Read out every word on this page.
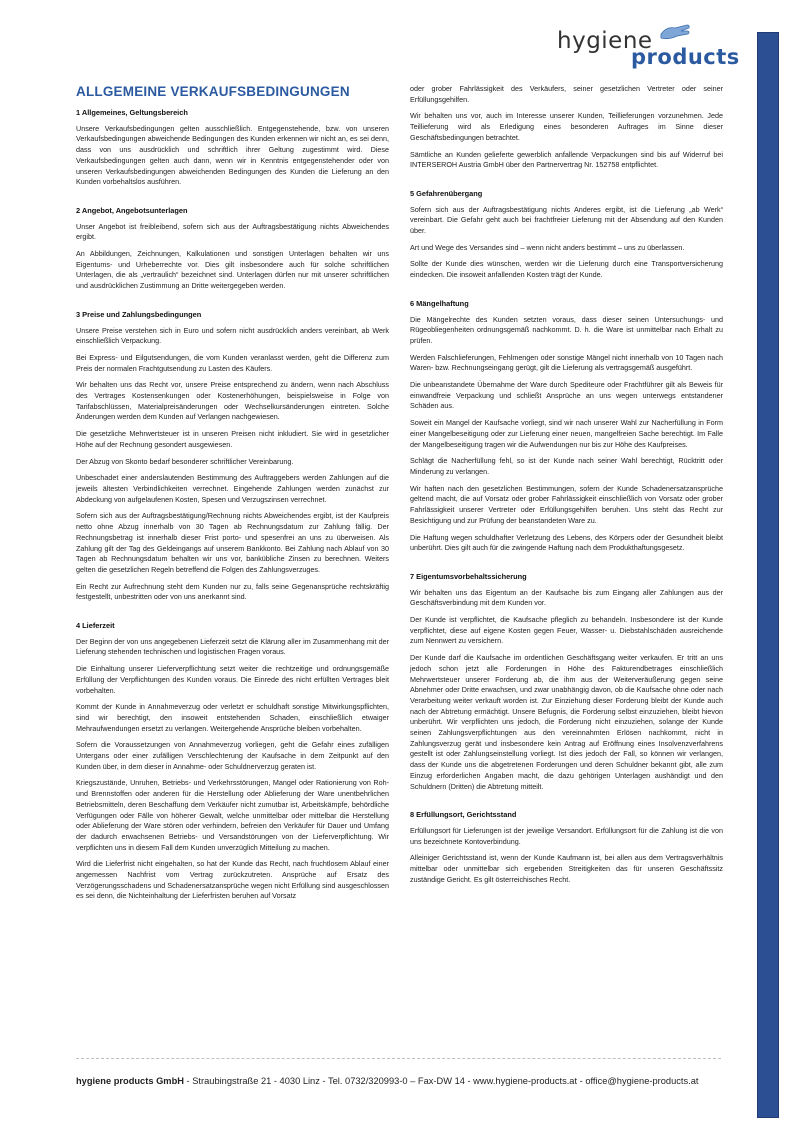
hygiene
products
ALLGEMEINE VERKAUFSBEDINGUNGEN
1 Allgemeines, Geltungsbereich

Unsere Verkaufsbedingungen gelten ausschließlich. Entgegenstehende, bzw. von unseren Verkaufsbedingungen abweichende Bedingungen des Kunden erkennen wir nicht an, es sei denn, dass von uns ausdrücklich und schriftlich ihrer Geltung zugestimmt wird. Diese Verkaufsbedingungen gelten auch dann, wenn wir in Kenntnis entgegenstehender oder von unseren Verkaufsbedingungen abweichenden Bedingungen des Kunden die Lieferung an den Kunden vorbehaltslos ausführen.

2 Angebot, Angebotsunterlagen

Unser Angebot ist freibleibend, sofern sich aus der Auftragsbestätigung nichts Abweichendes ergibt.

An Abbildungen, Zeichnungen, Kalkulationen und sonstigen Unterlagen behalten wir uns Eigentums- und Urheberrechte vor. Dies gilt insbesondere auch für solche schriftlichen Unterlagen, die als „vertraulich“ bezeichnet sind. Unterlagen dürfen nur mit unserer schriftlichen und ausdrücklichen Zustimmung an Dritte weitergegeben werden.

3 Preise und Zahlungsbedingungen

Unsere Preise verstehen sich in Euro und sofern nicht ausdrücklich anders vereinbart, ab Werk einschließlich Verpackung.

Bei Express- und Eilgutsendungen, die vom Kunden veranlasst werden, geht die Differenz zum Preis der normalen Frachtgutsendung zu Lasten des Käufers.

Wir behalten uns das Recht vor, unsere Preise entsprechend zu ändern, wenn nach Abschluss des Vertrages Kostensenkungen oder Kostenerhöhungen, beispielsweise in Folge von Tarifabschlüssen, Materialpreisänderungen oder Wechselkursänderungen eintreten. Solche Änderungen werden dem Kunden auf Verlangen nachgewiesen.

Die gesetzliche Mehrwertsteuer ist in unseren Preisen nicht inkludiert. Sie wird in gesetzlicher Höhe auf der Rechnung gesondert ausgewiesen.

Der Abzug von Skonto bedarf besonderer schriftlicher Vereinbarung.

Unbeschadet einer anderslautenden Bestimmung des Auftraggebers werden Zahlungen auf die jeweils ältesten Verbindlichkeiten verrechnet. Eingehende Zahlungen werden zunächst zur Abdeckung von aufgelaufenen Kosten, Spesen und Verzugszinsen verrechnet.

Sofern sich aus der Auftragsbestätigung/Rechnung nichts Abweichendes ergibt, ist der Kaufpreis netto ohne Abzug innerhalb von 30 Tagen ab Rechnungsdatum zur Zahlung fällig. Der Rechnungsbetrag ist innerhalb dieser Frist porto- und spesenfrei an uns zu überweisen. Als Zahlung gilt der Tag des Geldeingangs auf unserem Bankkonto. Bei Zahlung nach Ablauf von 30 Tagen ab Rechnungsdatum behalten wir uns vor, bankübliche Zinsen zu berechnen. Weiters gelten die gesetzlichen Regeln betreffend die Folgen des Zahlungsverzuges.

Ein Recht zur Aufrechnung steht dem Kunden nur zu, falls seine Gegenansprüche rechtskräftig festgestellt, unbestritten oder von uns anerkannt sind.

4 Lieferzeit

Der Beginn der von uns angegebenen Lieferzeit setzt die Klärung aller im Zusammenhang mit der Lieferung stehenden technischen und logistischen Fragen voraus.

Die Einhaltung unserer Lieferverpflichtung setzt weiter die rechtzeitige und ordnungsgemäße Erfüllung der Verpflichtungen des Kunden voraus. Die Einrede des nicht erfüllten Vertrages bleit vorbehalten.

Kommt der Kunde in Annahmeverzug oder verletzt er schuldhaft sonstige Mitwirkungspflichten, sind wir berechtigt, den insoweit entstehenden Schaden, einschließlich etwaiger Mehraufwendungen ersetzt zu verlangen. Weitergehende Ansprüche bleiben vorbehalten.

Sofern die Voraussetzungen von Annahmeverzug vorliegen, geht die Gefahr eines zufälligen Untergans oder einer zufälligen Verschlechterung der Kaufsache in dem Zeitpunkt auf den Kunden über, in dem dieser in Annahme- oder Schuldnerverzug geraten ist.

Kriegszustände, Unruhen, Betriebs- und Verkehrsstörungen, Mangel oder Rationierung von Roh- und Brennstoffen oder anderen für die Herstellung oder Ablieferung der Ware unentbehrlichen Betriebsmitteln, deren Beschaffung dem Verkäufer nicht zumutbar ist, Arbeitskämpfe, behördliche Verfügungen oder Fälle von höherer Gewalt, welche unmittelbar oder mittelbar die Herstellung oder Ablieferung der Ware stören oder verhindern, befreien den Verkäufer für Dauer und Umfang der dadurch erwachsenen Betriebs- und Versandstörungen von der Lieferverpflichtung. Wir verpflichten uns in diesem Fall dem Kunden unverzüglich Mitteilung zu machen.

Wird die Lieferfrist nicht eingehalten, so hat der Kunde das Recht, nach fruchtlosem Ablauf einer angemessen Nachfrist vom Vertrag zurückzutreten. Ansprüche auf Ersatz des Verzögerungsschadens und Schadenersatzansprüche wegen nicht Erfüllung sind ausgeschlossen es sei denn, die Nichteinhaltung der Lieferfristen beruhen auf Vorsatz

oder grober Fahrlässigkeit des Verkäufers, seiner gesetzlichen Vertreter oder seiner Erfüllungsgehilfen.

Wir behalten uns vor, auch im Interesse unserer Kunden, Teillieferungen vorzunehmen. Jede Teillieferung wird als Erledigung eines besonderen Auftrages im Sinne dieser Geschäftsbedingungen betrachtet.

Sämtliche an Kunden gelieferte gewerblich anfallende Verpackungen sind bis auf Widerruf bei INTERSEROH Austria GmbH über den Partnervertrag Nr. 152758 entpflichtet.

5 Gefahrenübergang

Sofern sich aus der Auftragsbestätigung nichts Anderes ergibt, ist die Lieferung „ab Werk“ vereinbart. Die Gefahr geht auch bei frachtfreier Lieferung mit der Absendung auf den Kunden über.

Art und Wege des Versandes sind – wenn nicht anders bestimmt – uns zu überlassen.

Sollte der Kunde dies wünschen, werden wir die Lieferung durch eine Transportversicherung eindecken. Die insoweit anfallenden Kosten trägt der Kunde.

6 Mängelhaftung

Die Mängelrechte des Kunden setzten voraus, dass dieser seinen Untersuchungs- und Rügeobliegenheiten ordnungsgemäß nachkommt. D. h. die Ware ist unmittelbar nach Erhalt zu prüfen.

Werden Falschlieferungen, Fehlmengen oder sonstige Mängel nicht innerhalb von 10 Tagen nach Waren- bzw. Rechnungseingang gerügt, gilt die Lieferung als vertragsgemäß ausgeführt.

Die unbeanstandete Übernahme der Ware durch Spediteure oder Frachtführer gilt als Beweis für einwandfreie Verpackung und schließt Ansprüche an uns wegen unterwegs entstandener Schäden aus.

Soweit ein Mangel der Kaufsache vorliegt, sind wir nach unserer Wahl zur Nacherfüllung in Form einer Mangelbeseitigung oder zur Lieferung einer neuen, mangelfreien Sache berechtigt. Im Falle der Mangelbeseitigung tragen wir die Aufwendungen nur bis zur Höhe des Kaufpreises.

Schlägt die Nacherfüllung fehl, so ist der Kunde nach seiner Wahl berechtigt, Rücktritt oder Minderung zu verlangen.

Wir haften nach den gesetzlichen Bestimmungen, sofern der Kunde Schadenersatzansprüche geltend macht, die auf Vorsatz oder grober Fahrlässigkeit einschließlich von Vorsatz oder grober Fahrlässigkeit unserer Vertreter oder Erfüllungsgehilfen beruhen. Uns steht das Recht zur Besichtigung und zur Prüfung der beanstandeten Ware zu.

Die Haftung wegen schuldhafter Verletzung des Lebens, des Körpers oder der Gesundheit bleibt unberührt. Dies gilt auch für die zwingende Haftung nach dem Produkthaftungsgesetz.

7 Eigentumsvorbehaltssicherung

Wir behalten uns das Eigentum an der Kaufsache bis zum Eingang aller Zahlungen aus der Geschäftsverbindung mit dem Kunden vor.

Der Kunde ist verpflichtet, die Kaufsache pfleglich zu behandeln. Insbesondere ist der Kunde verpflichtet, diese auf eigene Kosten gegen Feuer, Wasser- u. Diebstahlschäden ausreichende zum Nennwert zu versichern.

Der Kunde darf die Kaufsache im ordentlichen Geschäftsgang weiter verkaufen. Er tritt an uns jedoch schon jetzt alle Forderungen in Höhe des Fakturendbetrages einschließlich Mehrwertsteuer unserer Forderung ab, die ihm aus der Weiterveräußerung gegen seine Abnehmer oder Dritte erwachsen, und zwar unabhängig davon, ob die Kaufsache ohne oder nach Verarbeitung weiter verkauft worden ist. Zur Einziehung dieser Forderung bleibt der Kunde auch nach der Abtretung ermächtigt. Unsere Befugnis, die Forderung selbst einzuziehen, bleibt hievon unberührt. Wir verpflichten uns jedoch, die Forderung nicht einzuziehen, solange der Kunde seinen Zahlungsverpflichtungen aus den vereinnahmten Erlösen nachkommt, nicht in Zahlungsverzug gerät und insbesondere kein Antrag auf Eröffnung eines Insolvenzverfahrens gestellt ist oder Zahlungseinstellung vorliegt. Ist dies jedoch der Fall, so können wir verlangen, dass der Kunde uns die abgetretenen Forderungen und deren Schuldner bekannt gibt, alle zum Einzug erforderlichen Angaben macht, die dazu gehörigen Unterlagen aushändigt und den Schuldnern (Dritten) die Abtretung mitteilt.

8 Erfüllungsort, Gerichtsstand

Erfüllungsort für Lieferungen ist der jeweilige Versandort. Erfüllungsort für die Zahlung ist die von uns bezeichnete Kontoverbindung.

Alleiniger Gerichtsstand ist, wenn der Kunde Kaufmann ist, bei allen aus dem Vertragsverhältnis mittelbar oder unmittelbar sich ergebenden Streitigkeiten das für unseren Geschäftssitz zuständige Gericht. Es gilt österreichisches Recht.

hygiene products GmbH - Straubingstraße 21 - 4030 Linz - Tel. 0732/320993-0 – Fax-DW 14 - www.hygiene-products.at - office@hygiene-products.at
